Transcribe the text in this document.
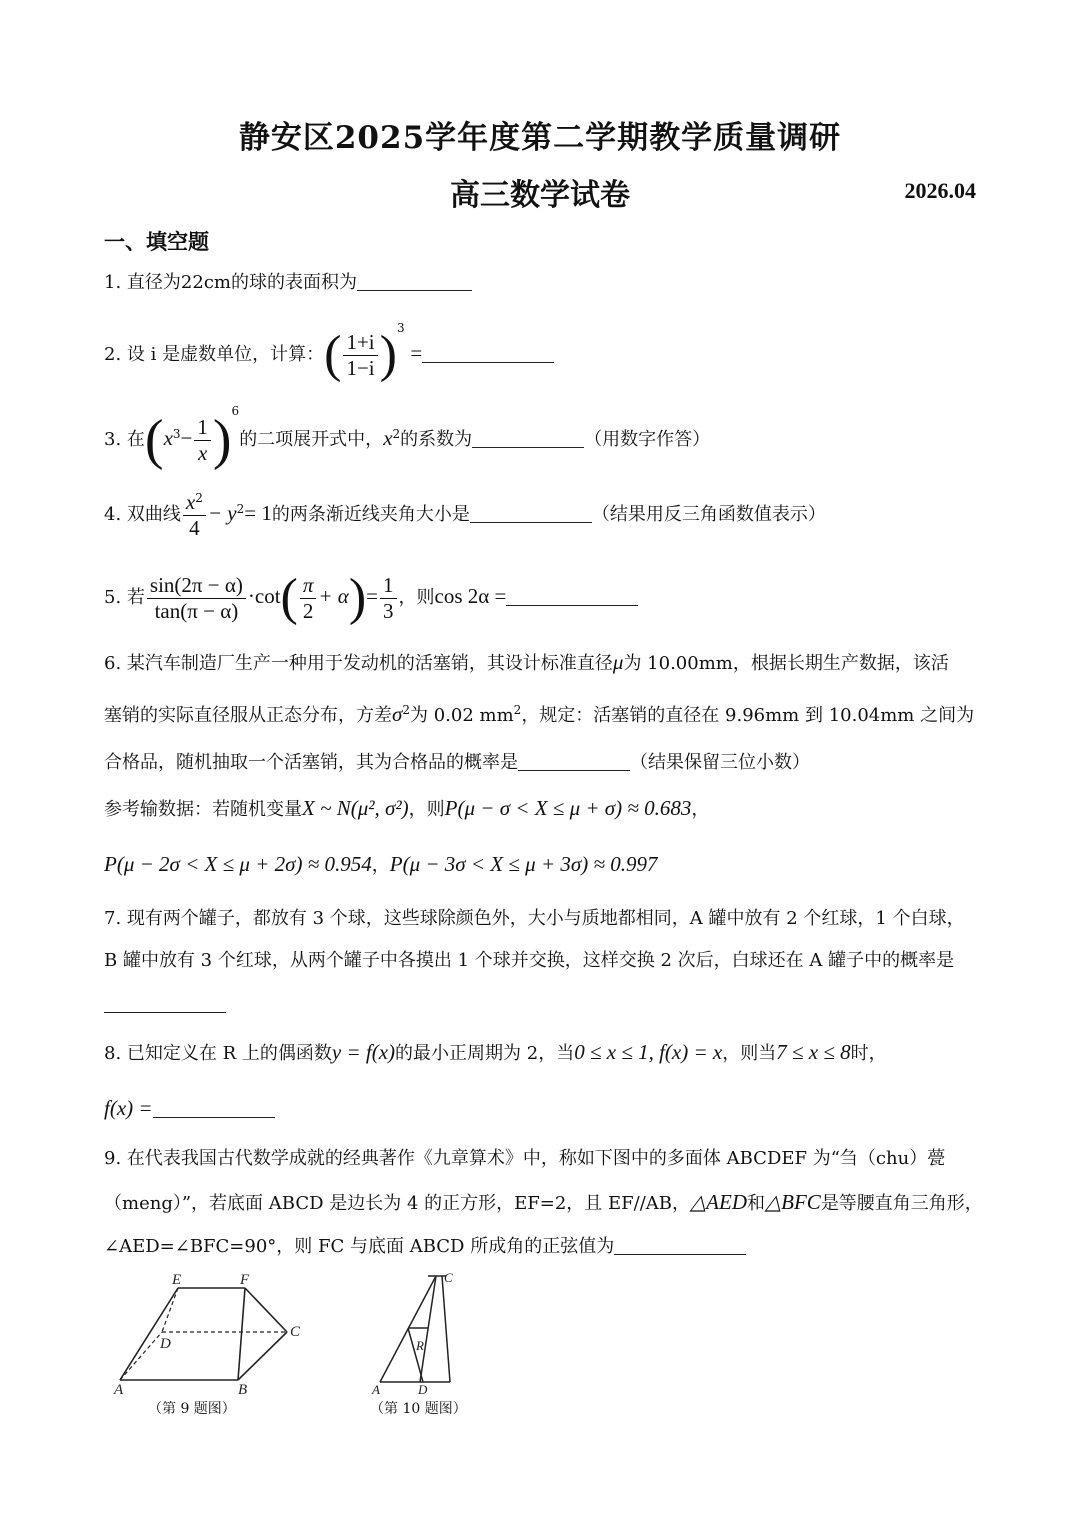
静安区2025学年度第二学期教学质量调研
高三数学试卷	2026.04
一、填空题
1. 直径为22cm的球的表面积为
2. 设 i 是虚数单位，计算：( $\frac{1+i}{1-i} )^3$ =
3. 在$(x^3- \frac{1}{x} )^6$的二项展开式中，$x^2$的系数为	（用数字作答）
4. 双曲线 $\frac{x^2}{4} - y^2= 1$的两条渐近线夹角大小是	（结果用反三角函数值表示）
5. 若 $\frac{\sin(2\pi - \alpha)}{\tan(\pi - \alpha)} \cdot\cot( \frac{\pi}{2} + \alpha)= \frac{1}{3}$ ，则cos 2α =
6. 某汽车制造厂生产一种用于发动机的活塞销，其设计标准直径μ为 10.00mm，根据长期生产数据，该活
塞销的实际直径服从正态分布，方差$\sigma^2$为 0.02 $mm^2$，规定：活塞销的直径在 9.96mm 到 10.04mm 之间为
合格品，随机抽取一个活塞销，其为合格品的概率是	（结果保留三位小数）
参考输数据：若随机变量X ~ N(μ², σ²)，则P(μ − σ < X ≤ μ + σ) ≈ 0.683，
P(μ − 2σ < X ≤ μ + 2σ) ≈ 0.954，P(μ − 3σ < X ≤ μ + 3σ) ≈ 0.997
7. 现有两个罐子，都放有 3 个球，这些球除颜色外，大小与质地都相同，A 罐中放有 2 个红球，1 个白球，
B 罐中放有 3 个红球，从两个罐子中各摸出 1 个球并交换，这样交换 2 次后，白球还在 A 罐子中的概率是
8. 已知定义在 R 上的偶函数y = f(x)的最小正周期为 2，当0 ≤ x ≤ 1, f(x) = x，则当7 ≤ x ≤ 8时，
f(x) =
9. 在代表我国古代数学成就的经典著作《九章算术》中，称如下图中的多面体 ABCDEF 为“刍（chu）甍
（meng）”，若底面 ABCD 是边长为 4 的正方形，EF=2，且 EF//AB，△AED和△BFC是等腰直角三角形，
∠AED=∠BFC=90°，则 FC 与底面 ABCD 所成角的正弦值为
E	F
D
C
A	B
（第 9 题图）
C
R
A	D
（第 10 题图）
